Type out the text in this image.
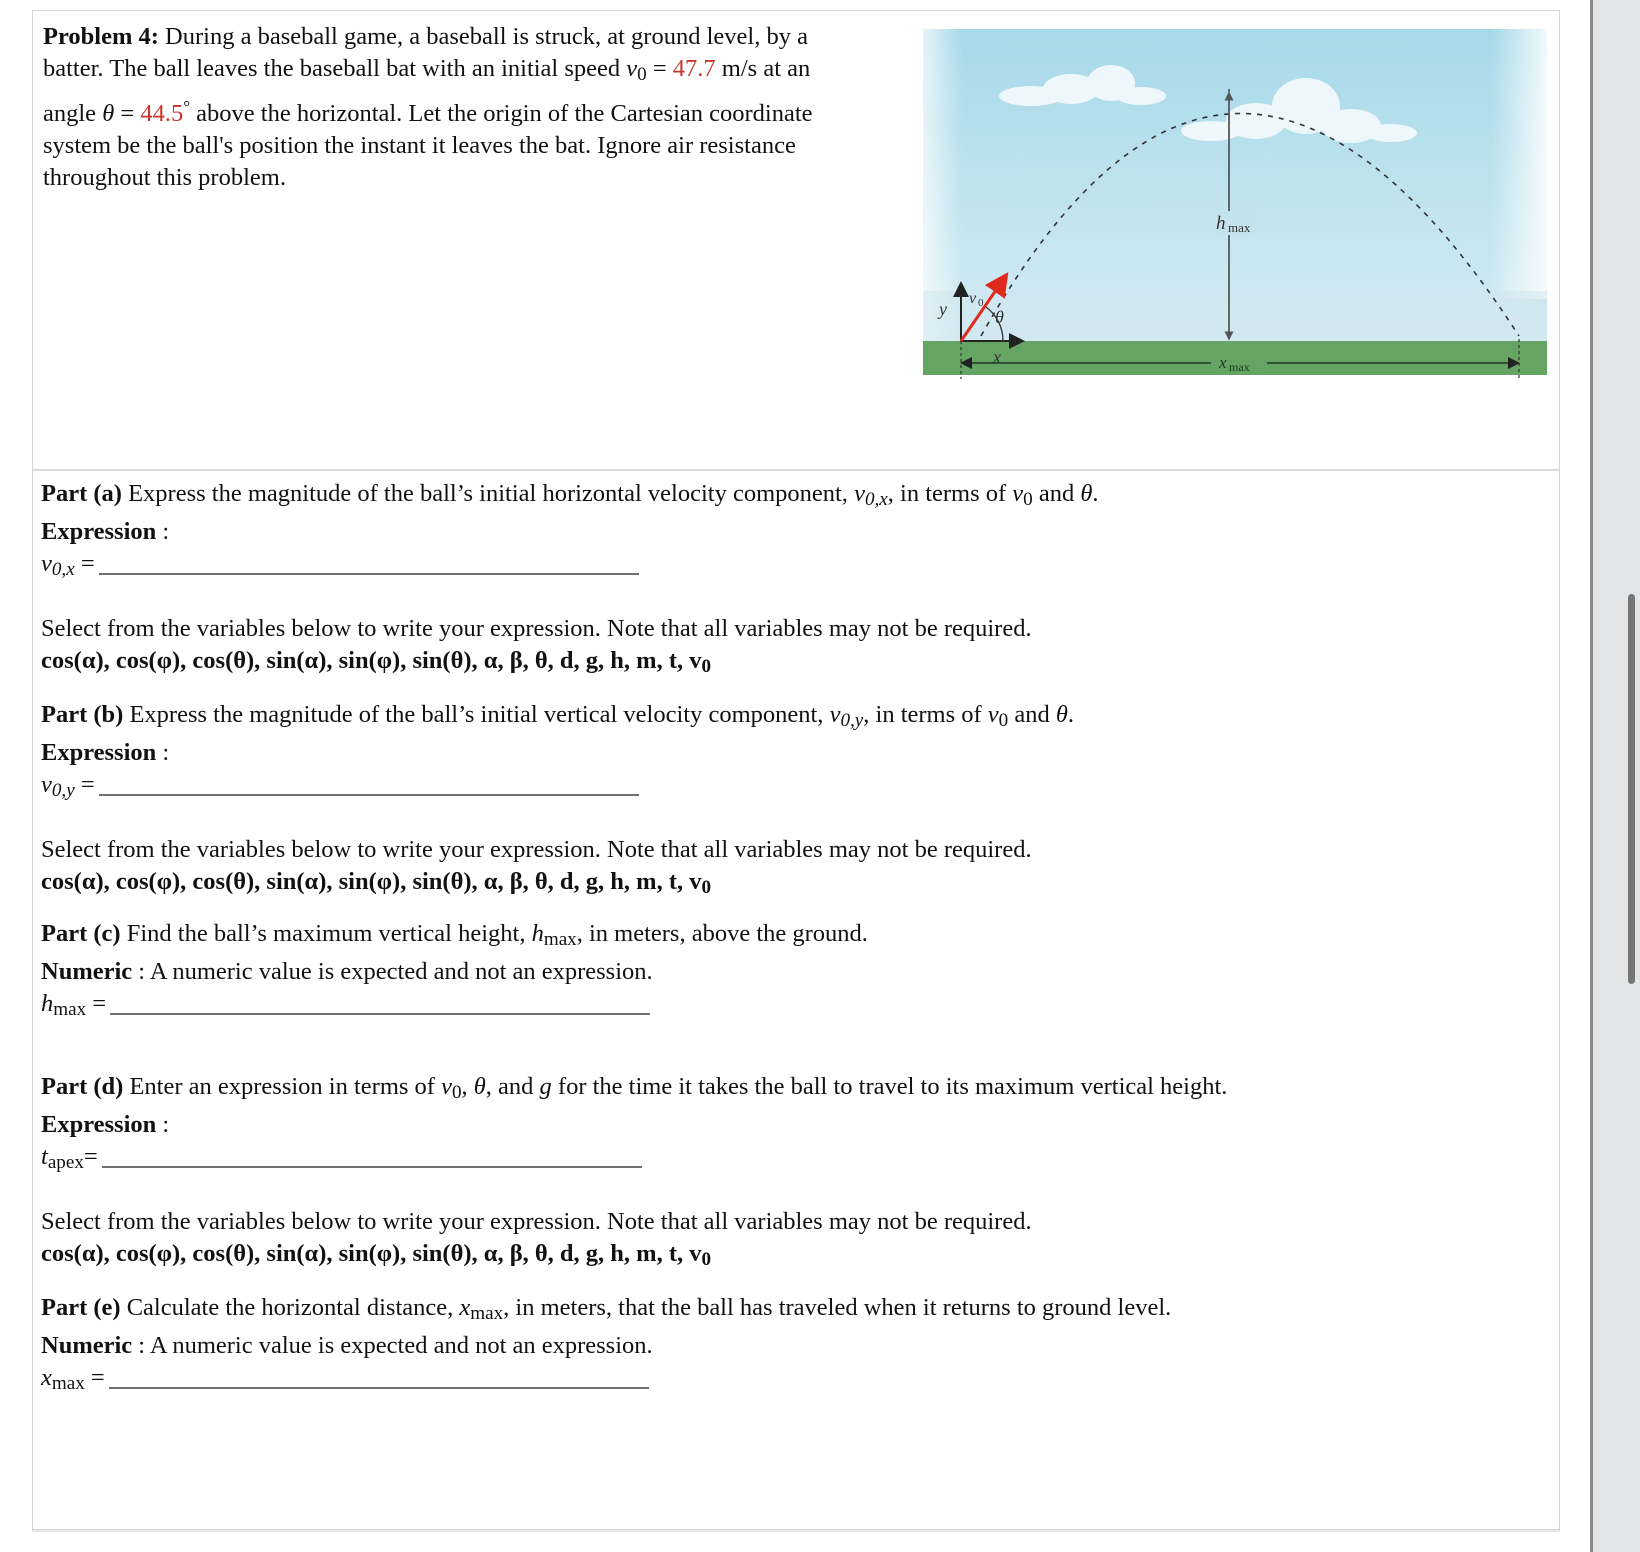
Problem 4: During a baseball game, a baseball is struck, at ground level, by a batter. The ball leaves the baseball bat with an initial speed $v_0 = 47.7$ m/s at an angle θ = 44.5° above the horizontal. Let the origin of the Cartesian coordinate system be the ball's position the instant it leaves the bat. Ignore air resistance throughout this problem.
h max
y
x
θ
v 0
x max
Part (a) Express the magnitude of the ball’s initial horizontal velocity component, $v_{0,x}$, in terms of $v_0$ and θ.
Expression :
$v_{0,x}$ =
Select from the variables below to write your expression. Note that all variables may not be required.
cos(α), cos(φ), cos(θ), sin(α), sin(φ), sin(θ), α, β, θ, d, g, h, m, t, $v_0$
Part (b) Express the magnitude of the ball’s initial vertical velocity component, $v_{0,y}$, in terms of $v_0$ and θ.
Expression :
$v_{0,y}$ =
Select from the variables below to write your expression. Note that all variables may not be required.
cos(α), cos(φ), cos(θ), sin(α), sin(φ), sin(θ), α, β, θ, d, g, h, m, t, $v_0$
Part (c) Find the ball’s maximum vertical height, $h_{max}$, in meters, above the ground.
Numeric : A numeric value is expected and not an expression.
$h_{max}$ =
Part (d) Enter an expression in terms of $v_0$, θ, and g for the time it takes the ball to travel to its maximum vertical height.
Expression :
$t_{apex}=$
Select from the variables below to write your expression. Note that all variables may not be required.
cos(α), cos(φ), cos(θ), sin(α), sin(φ), sin(θ), α, β, θ, d, g, h, m, t, $v_0$
Part (e) Calculate the horizontal distance, $x_{max}$, in meters, that the ball has traveled when it returns to ground level.
Numeric : A numeric value is expected and not an expression.
$x_{max}$ =
